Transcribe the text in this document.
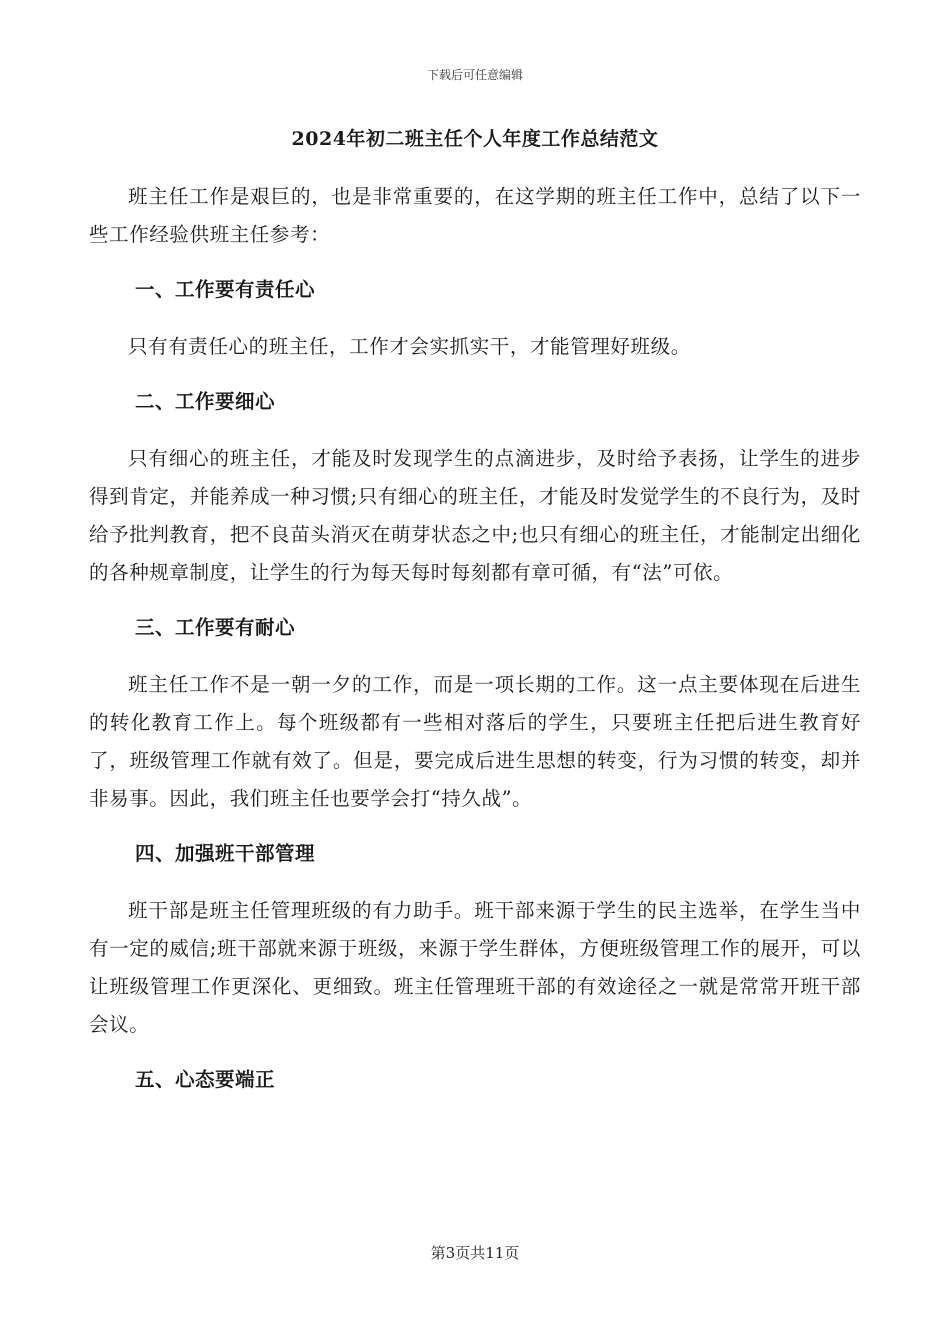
下载后可任意编辑
2024年初二班主任个人年度工作总结范文

班主任工作是艰巨的，也是非常重要的，在这学期的班主任工作中，总结了以下一些工作经验供班主任参考：

一、工作要有责任心

只有有责任心的班主任，工作才会实抓实干，才能管理好班级。

二、工作要细心

只有细心的班主任，才能及时发现学生的点滴进步，及时给予表扬，让学生的进步得到肯定，并能养成一种习惯;只有细心的班主任，才能及时发觉学生的不良行为，及时给予批判教育，把不良苗头消灭在萌芽状态之中;也只有细心的班主任，才能制定出细化的各种规章制度，让学生的行为每天每时每刻都有章可循，有“法”可依。

三、工作要有耐心

班主任工作不是一朝一夕的工作，而是一项长期的工作。这一点主要体现在后进生的转化教育工作上。每个班级都有一些相对落后的学生，只要班主任把后进生教育好了，班级管理工作就有效了。但是，要完成后进生思想的转变，行为习惯的转变，却并非易事。因此，我们班主任也要学会打“持久战”。

四、加强班干部管理

班干部是班主任管理班级的有力助手。班干部来源于学生的民主选举，在学生当中有一定的威信;班干部就来源于班级，来源于学生群体，方便班级管理工作的展开，可以让班级管理工作更深化、更细致。班主任管理班干部的有效途径之一就是常常开班干部会议。

五、心态要端正

第3页共11页
